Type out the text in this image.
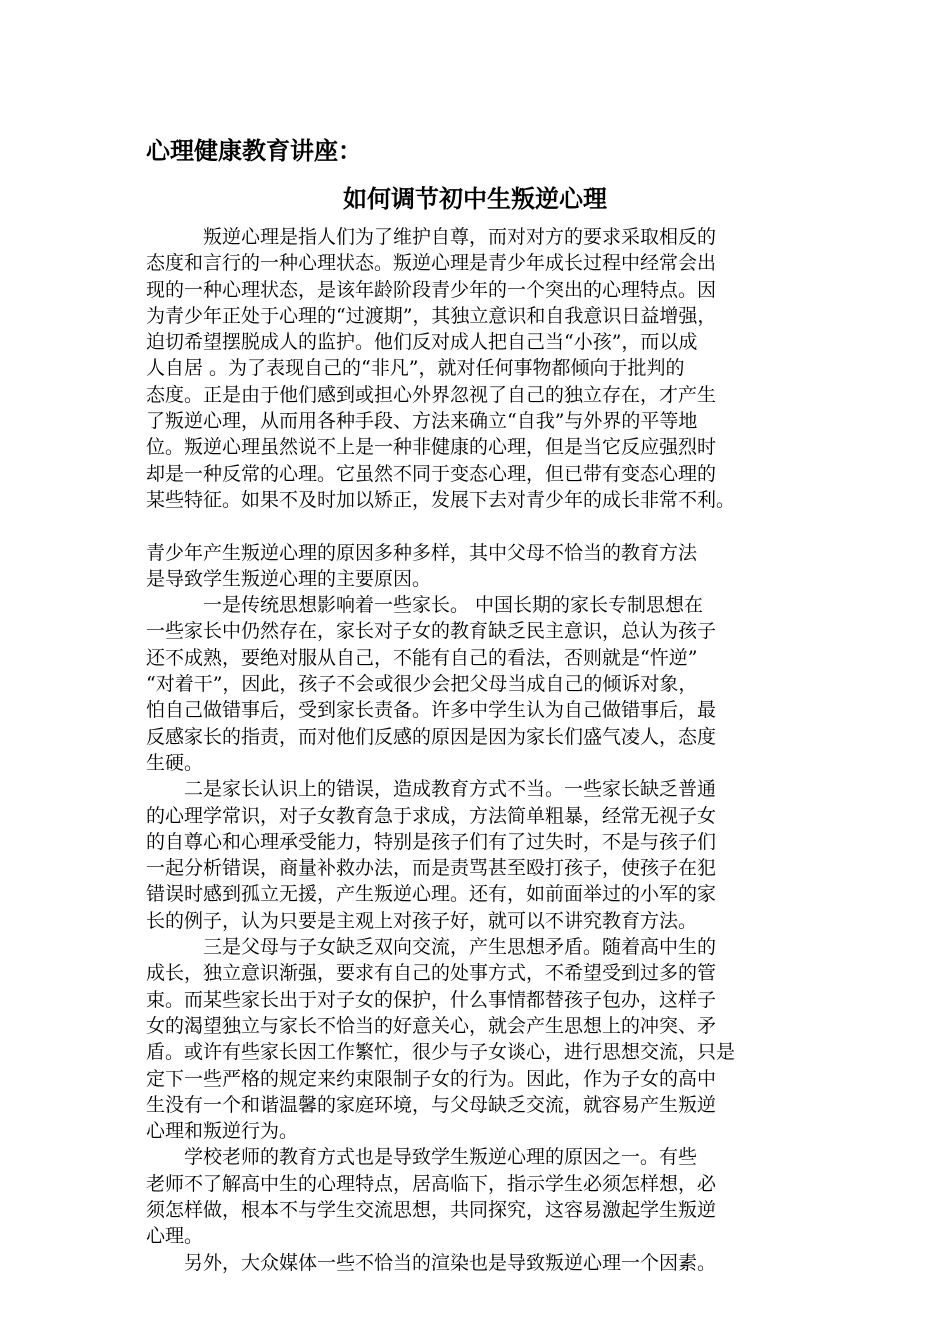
心理健康教育讲座：
如何调节初中生叛逆心理
　　　叛逆心理是指人们为了维护自尊，而对对方的要求采取相反的
态度和言行的一种心理状态。叛逆心理是青少年成长过程中经常会出
现的一种心理状态，是该年龄阶段青少年的一个突出的心理特点。因
为青少年正处于心理的“过渡期”，其独立意识和自我意识日益增强，
迫切希望摆脱成人的监护。他们反对成人把自己当“小孩”，而以成
人自居 。为了表现自己的“非凡”，就对任何事物都倾向于批判的
态度。正是由于他们感到或担心外界忽视了自己的独立存在，才产生
了叛逆心理，从而用各种手段、方法来确立“自我”与外界的平等地
位。叛逆心理虽然说不上是一种非健康的心理，但是当它反应强烈时
却是一种反常的心理。它虽然不同于变态心理，但已带有变态心理的
某些特征。如果不及时加以矫正，发展下去对青少年的成长非常不利。
青少年产生叛逆心理的原因多种多样，其中父母不恰当的教育方法
是导致学生叛逆心理的主要原因。
　　　一是传统思想影响着一些家长。 中国长期的家长专制思想在
一些家长中仍然存在，家长对子女的教育缺乏民主意识，总认为孩子
还不成熟，要绝对服从自己，不能有自己的看法，否则就是“忤逆”
“对着干”，因此，孩子不会或很少会把父母当成自己的倾诉对象，
怕自己做错事后，受到家长责备。许多中学生认为自己做错事后，最
反感家长的指责，而对他们反感的原因是因为家长们盛气凌人，态度
生硬。
　　二是家长认识上的错误，造成教育方式不当。一些家长缺乏普通
的心理学常识，对子女教育急于求成，方法简单粗暴，经常无视子女
的自尊心和心理承受能力，特别是孩子们有了过失时，不是与孩子们
一起分析错误，商量补救办法，而是责骂甚至殴打孩子，使孩子在犯
错误时感到孤立无援，产生叛逆心理。还有，如前面举过的小军的家
长的例子，认为只要是主观上对孩子好，就可以不讲究教育方法。
　　　三是父母与子女缺乏双向交流，产生思想矛盾。随着高中生的
成长，独立意识渐强，要求有自己的处事方式，不希望受到过多的管
束。而某些家长出于对子女的保护，什么事情都替孩子包办，这样子
女的渴望独立与家长不恰当的好意关心，就会产生思想上的冲突、矛
盾。或许有些家长因工作繁忙，很少与子女谈心，进行思想交流，只是
定下一些严格的规定来约束限制子女的行为。因此，作为子女的高中
生没有一个和谐温馨的家庭环境，与父母缺乏交流，就容易产生叛逆
心理和叛逆行为。
　　学校老师的教育方式也是导致学生叛逆心理的原因之一。有些
老师不了解高中生的心理特点，居高临下，指示学生必须怎样想，必
须怎样做，根本不与学生交流思想，共同探究，这容易激起学生叛逆
心理。
　　另外，大众媒体一些不恰当的渲染也是导致叛逆心理一个因素。
